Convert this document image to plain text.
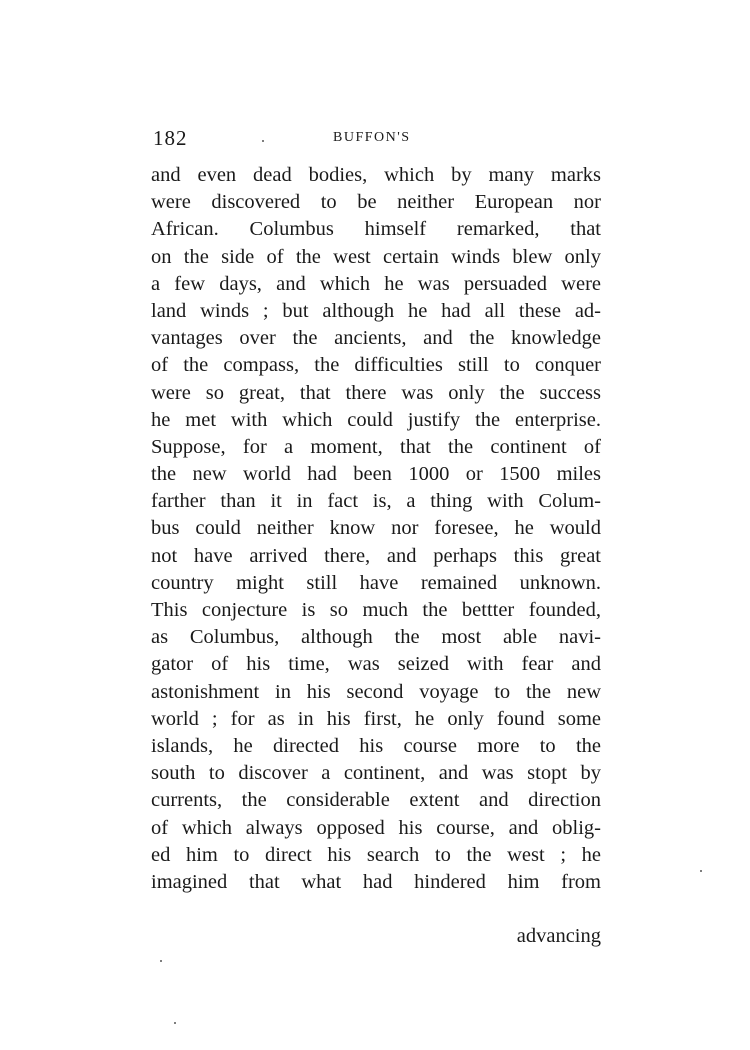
182	BUFFON'S
and even dead bodies, which by many marks
were discovered to be neither European nor
African. Columbus himself remarked, that
on the side of the west certain winds blew only
a few days, and which he was persuaded were
land winds ; but although he had all these ad-
vantages over the ancients, and the knowledge
of the compass, the difficulties still to conquer
were so great, that there was only the success
he met with which could justify the enterprise.
Suppose, for a moment, that the continent of
the new world had been 1000 or 1500 miles
farther than it in fact is, a thing with Colum-
bus could neither know nor foresee, he would
not have arrived there, and perhaps this great
country might still have remained unknown.
This conjecture is so much the bettter founded,
as Columbus, although the most able navi-
gator of his time, was seized with fear and
astonishment in his second voyage to the new
world ; for as in his first, he only found some
islands, he directed his course more to the
south to discover a continent, and was stopt by
currents, the considerable extent and direction
of which always opposed his course, and oblig-
ed him to direct his search to the west ; he
imagined that what had hindered him from
advancing
